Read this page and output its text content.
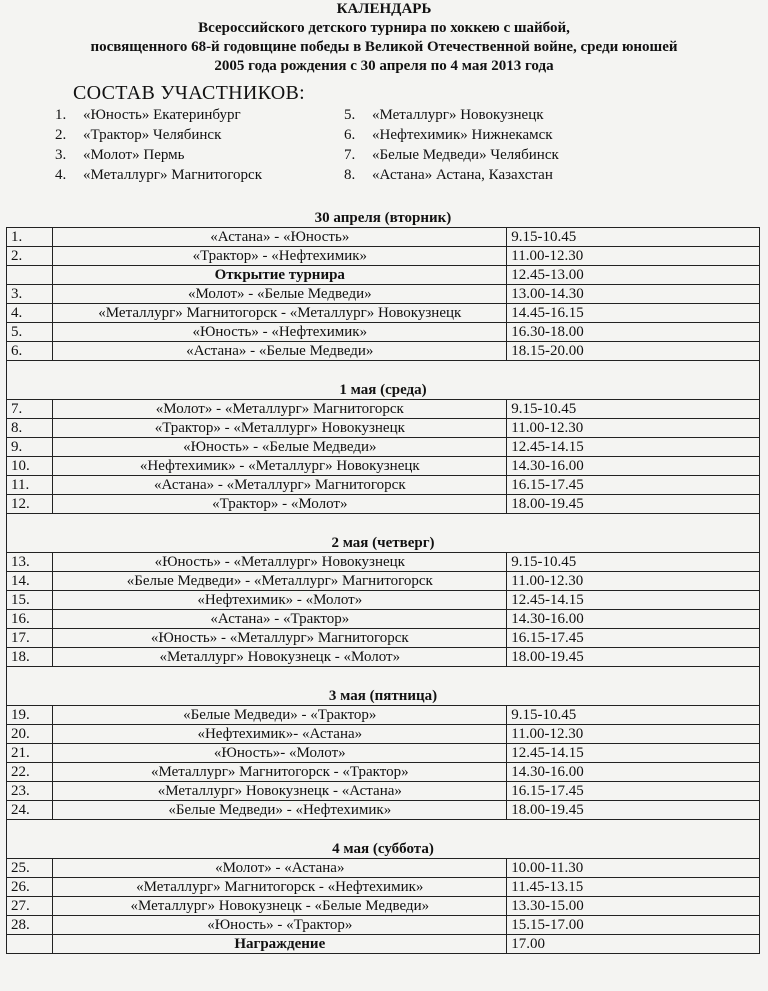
КАЛЕНДАРЬ
Всероссийского детского турнира по хоккею с шайбой,
посвященного 68-й годовщине победы в Великой Отечественной войне, среди юношей
2005 года рождения с 30 апреля по 4 мая 2013 года
СОСТАВ УЧАСТНИКОВ:
1. «Юность» Екатеринбург
2. «Трактор» Челябинск
3. «Молот» Пермь
4. «Металлург» Магнитогорск
5. «Металлург» Новокузнецк
6. «Нефтехимик» Нижнекамск
7. «Белые Медведи» Челябинск
8. «Астана» Астана, Казахстан
30 апреля (вторник)		
1.	«Астана» - «Юность»	9.15-10.45
2.	«Трактор» - «Нефтехимик»	11.00-12.30
	Открытие турнира	12.45-13.00
3.	«Молот» - «Белые Медведи»	13.00-14.30
4.	«Металлург» Магнитогорск - «Металлург» Новокузнецк	14.45-16.15
5.	«Юность» - «Нефтехимик»	16.30-18.00
6.	«Астана» - «Белые Медведи»	18.15-20.00

1 мая (среда)		
7.	«Молот» - «Металлург» Магнитогорск	9.15-10.45
8.	«Трактор» - «Металлург» Новокузнецк	11.00-12.30
9.	«Юность» - «Белые Медведи»	12.45-14.15
10.	«Нефтехимик» - «Металлург» Новокузнецк	14.30-16.00
11.	«Астана» - «Металлург» Магнитогорск	16.15-17.45
12.	«Трактор» - «Молот»	18.00-19.45

2 мая (четверг)		
13.	«Юность» - «Металлург» Новокузнецк	9.15-10.45
14.	«Белые Медведи» - «Металлург» Магнитогорск	11.00-12.30
15.	«Нефтехимик» - «Молот»	12.45-14.15
16.	«Астана» - «Трактор»	14.30-16.00
17.	«Юность» - «Металлург» Магнитогорск	16.15-17.45
18.	«Металлург» Новокузнецк - «Молот»	18.00-19.45

3 мая (пятница)		
19.	«Белые Медведи» - «Трактор»	9.15-10.45
20.	«Нефтехимик»- «Астана»	11.00-12.30
21.	«Юность»- «Молот»	12.45-14.15
22.	«Металлург» Магнитогорск - «Трактор»	14.30-16.00
23.	«Металлург» Новокузнецк - «Астана»	16.15-17.45
24.	«Белые Медведи» - «Нефтехимик»	18.00-19.45

4 мая (суббота)		
25.	«Молот» - «Астана»	10.00-11.30
26.	«Металлург» Магнитогорск - «Нефтехимик»	11.45-13.15
27.	«Металлург» Новокузнецк - «Белые Медведи»	13.30-15.00
28.	«Юность» - «Трактор»	15.15-17.00
	Награждение	17.00
